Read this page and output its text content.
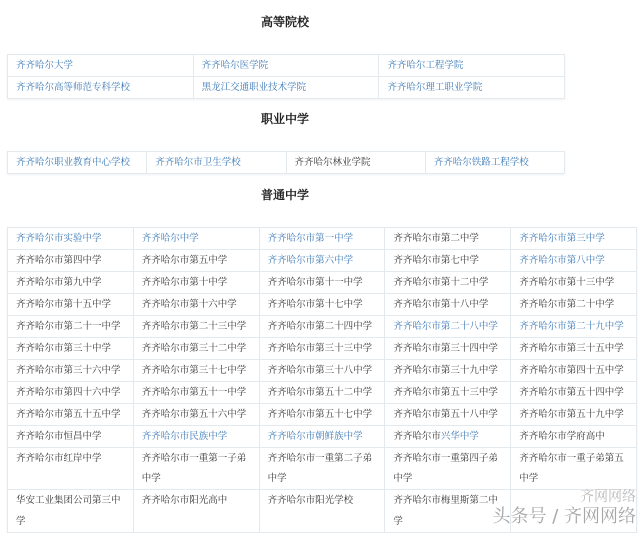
高等院校
齐齐哈尔大学	齐齐哈尔医学院	齐齐哈尔工程学院
齐齐哈尔高等师范专科学校	黑龙江交通职业技术学院	齐齐哈尔理工职业学院
职业中学
齐齐哈尔职业教育中心学校	齐齐哈尔市卫生学校	齐齐哈尔林业学院	齐齐哈尔铁路工程学校
普通中学
齐齐哈尔市实验中学	齐齐哈尔中学	齐齐哈尔市第一中学	齐齐哈尔市第二中学	齐齐哈尔市第三中学
齐齐哈尔市第四中学	齐齐哈尔市第五中学	齐齐哈尔市第六中学	齐齐哈尔市第七中学	齐齐哈尔市第八中学
齐齐哈尔市第九中学	齐齐哈尔市第十中学	齐齐哈尔市第十一中学	齐齐哈尔市第十二中学	齐齐哈尔市第十三中学
齐齐哈尔市第十五中学	齐齐哈尔市第十六中学	齐齐哈尔市第十七中学	齐齐哈尔市第十八中学	齐齐哈尔市第二十中学
齐齐哈尔市第二十一中学	齐齐哈尔市第二十三中学	齐齐哈尔市第二十四中学	齐齐哈尔市第二十八中学	齐齐哈尔市第二十九中学
齐齐哈尔市第三十中学	齐齐哈尔市第三十二中学	齐齐哈尔市第三十三中学	齐齐哈尔市第三十四中学	齐齐哈尔市第三十五中学
齐齐哈尔市第三十六中学	齐齐哈尔市第三十七中学	齐齐哈尔市第三十八中学	齐齐哈尔市第三十九中学	齐齐哈尔市第四十五中学
齐齐哈尔市第四十六中学	齐齐哈尔市第五十一中学	齐齐哈尔市第五十二中学	齐齐哈尔市第五十三中学	齐齐哈尔市第五十四中学
齐齐哈尔市第五十五中学	齐齐哈尔市第五十六中学	齐齐哈尔市第五十七中学	齐齐哈尔市第五十八中学	齐齐哈尔市第五十九中学
齐齐哈尔市恒昌中学	齐齐哈尔市民族中学	齐齐哈尔市朝鲜族中学	齐齐哈尔市兴华中学	齐齐哈尔市学府高中
齐齐哈尔市红岸中学	齐齐哈尔市一重第一子弟中学	齐齐哈尔市一重第二子弟中学	齐齐哈尔市一重第四子弟中学	齐齐哈尔市一重子弟第五中学
华安工业集团公司第三中学	齐齐哈尔市阳光高中	齐齐哈尔市阳光学校	齐齐哈尔市梅里斯第二中学	
齐网网络
头条号 / 齐网网络
